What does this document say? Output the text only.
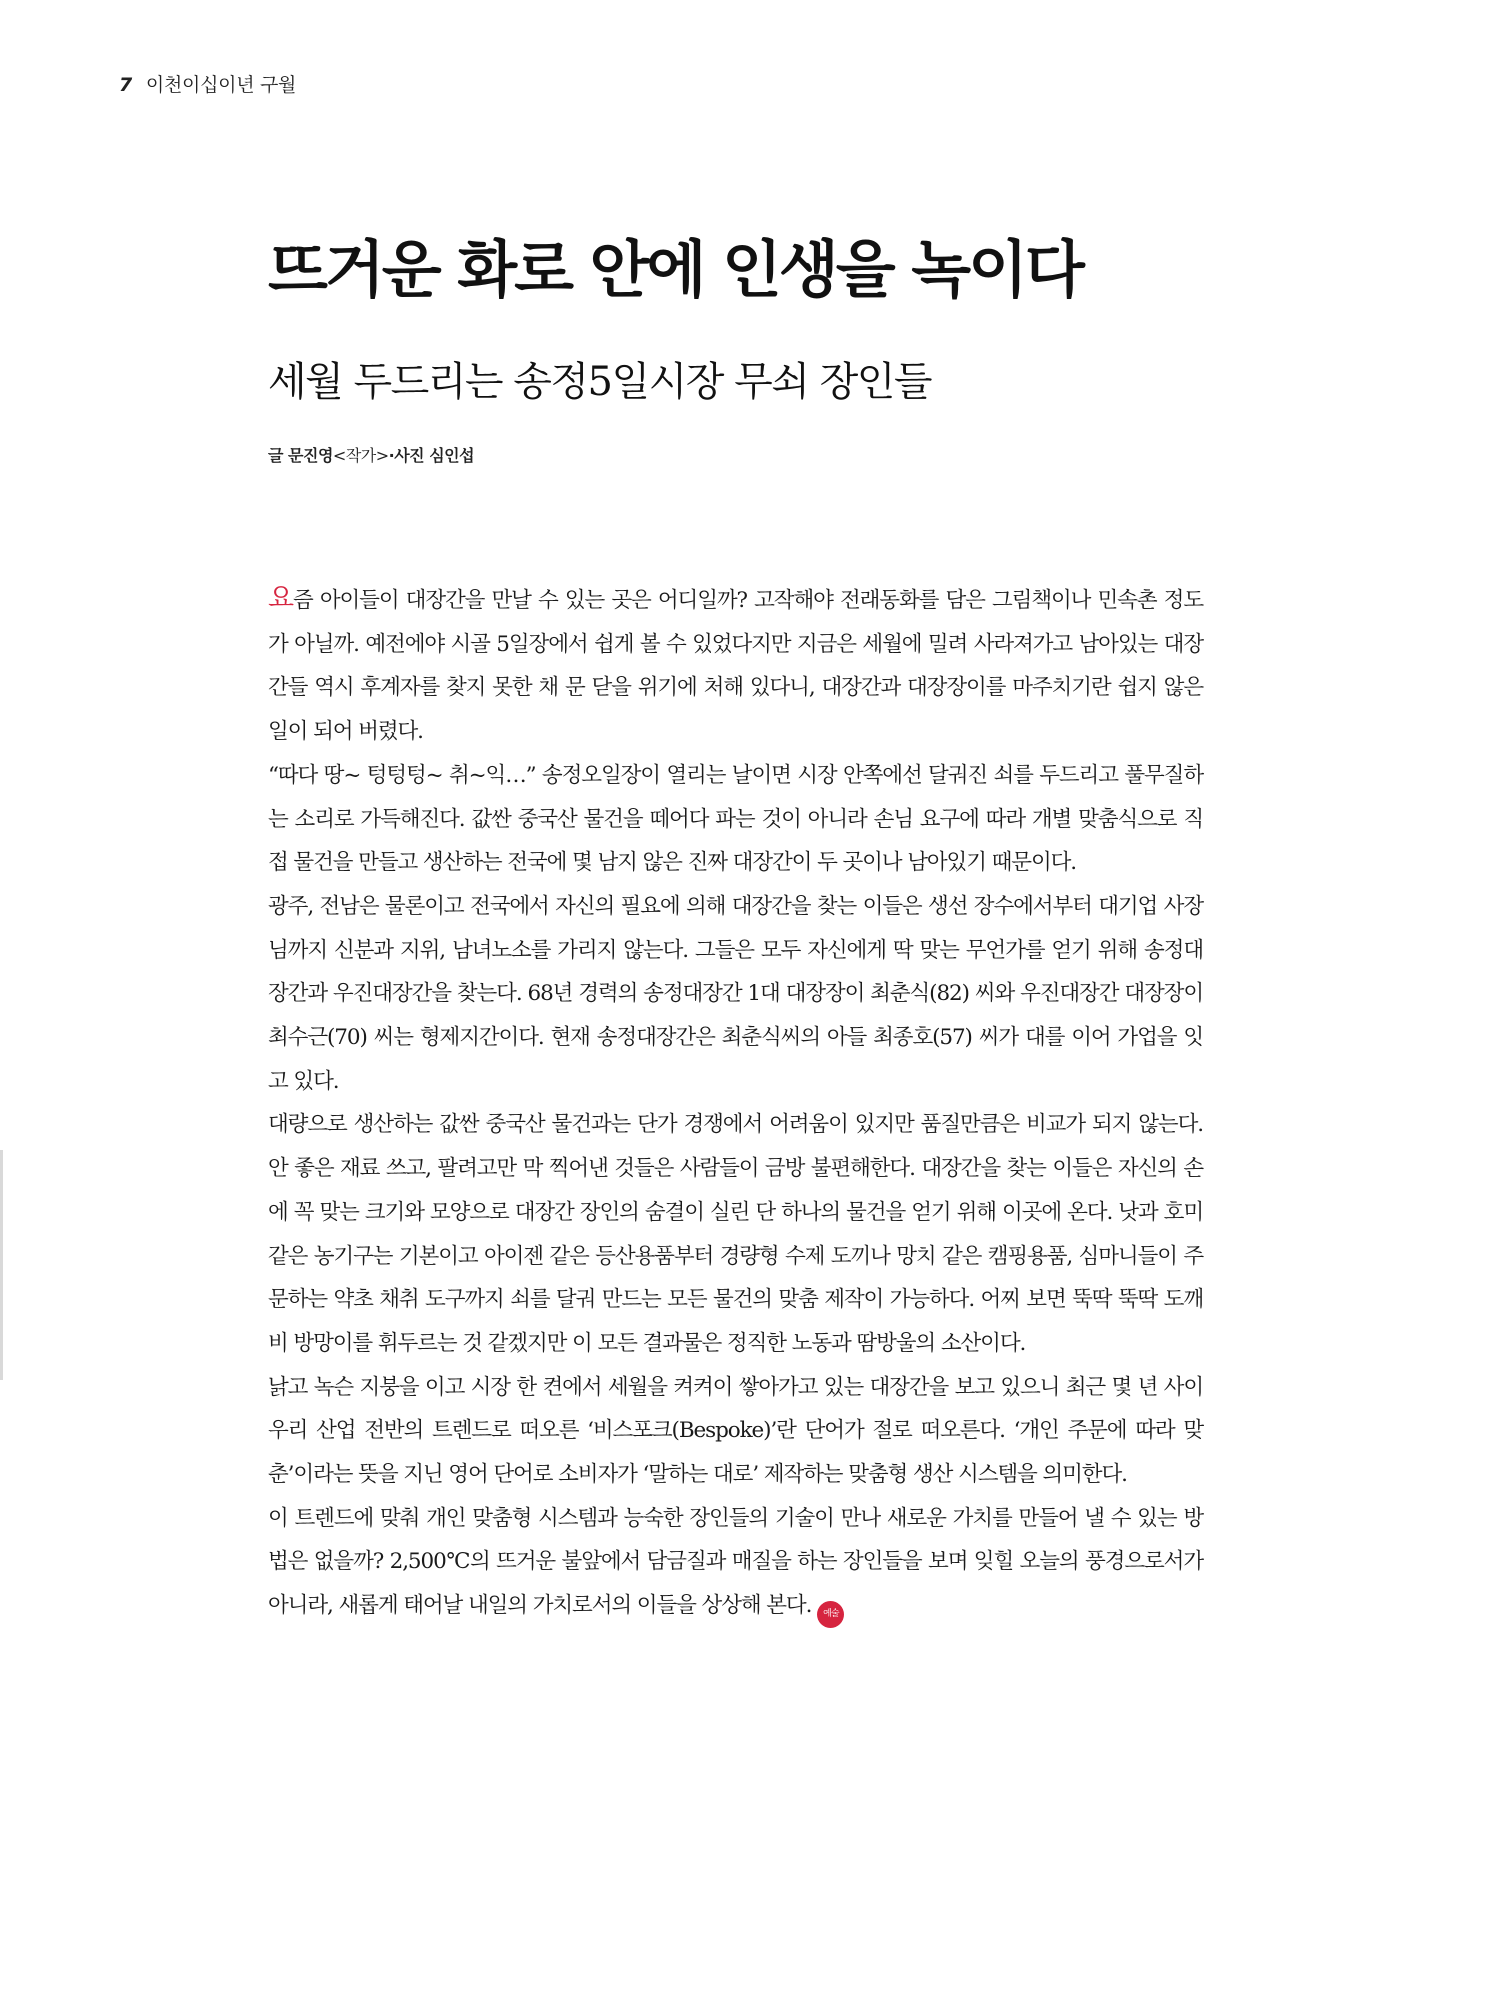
7 이천이십이년 구월
뜨거운 화로 안에 인생을 녹이다
세월 두드리는 송정5일시장 무쇠 장인들
글 문진영<작가>·사진 심인섭

요즘 아이들이 대장간을 만날 수 있는 곳은 어디일까? 고작해야 전래동화를 담은 그림책이나 민속촌 정도가 아닐까. 예전에야 시골 5일장에서 쉽게 볼 수 있었다지만 지금은 세월에 밀려 사라져가고 남아있는 대장간들 역시 후계자를 찾지 못한 채 문 닫을 위기에 처해 있다니, 대장간과 대장장이를 마주치기란 쉽지 않은 일이 되어 버렸다.

“따다 땅~ 텅텅텅~ 취~익…” 송정오일장이 열리는 날이면 시장 안쪽에선 달궈진 쇠를 두드리고 풀무질하는 소리로 가득해진다. 값싼 중국산 물건을 떼어다 파는 것이 아니라 손님 요구에 따라 개별 맞춤식으로 직접 물건을 만들고 생산하는 전국에 몇 남지 않은 진짜 대장간이 두 곳이나 남아있기 때문이다.

광주, 전남은 물론이고 전국에서 자신의 필요에 의해 대장간을 찾는 이들은 생선 장수에서부터 대기업 사장님까지 신분과 지위, 남녀노소를 가리지 않는다. 그들은 모두 자신에게 딱 맞는 무언가를 얻기 위해 송정대장간과 우진대장간을 찾는다. 68년 경력의 송정대장간 1대 대장장이 최춘식(82) 씨와 우진대장간 대장장이 최수근(70) 씨는 형제지간이다. 현재 송정대장간은 최춘식씨의 아들 최종호(57) 씨가 대를 이어 가업을 잇고 있다.

대량으로 생산하는 값싼 중국산 물건과는 단가 경쟁에서 어려움이 있지만 품질만큼은 비교가 되지 않는다. 안 좋은 재료 쓰고, 팔려고만 막 찍어낸 것들은 사람들이 금방 불편해한다. 대장간을 찾는 이들은 자신의 손에 꼭 맞는 크기와 모양으로 대장간 장인의 숨결이 실린 단 하나의 물건을 얻기 위해 이곳에 온다. 낫과 호미 같은 농기구는 기본이고 아이젠 같은 등산용품부터 경량형 수제 도끼나 망치 같은 캠핑용품, 심마니들이 주문하는 약초 채취 도구까지 쇠를 달궈 만드는 모든 물건의 맞춤 제작이 가능하다. 어찌 보면 뚝딱 뚝딱 도깨비 방망이를 휘두르는 것 같겠지만 이 모든 결과물은 정직한 노동과 땀방울의 소산이다.

낡고 녹슨 지붕을 이고 시장 한 켠에서 세월을 켜켜이 쌓아가고 있는 대장간을 보고 있으니 최근 몇 년 사이 우리 산업 전반의 트렌드로 떠오른 ‘비스포크(Bespoke)’란 단어가 절로 떠오른다. ‘개인 주문에 따라 맞춘’이라는 뜻을 지닌 영어 단어로 소비자가 ‘말하는 대로’ 제작하는 맞춤형 생산 시스템을 의미한다.

이 트렌드에 맞춰 개인 맞춤형 시스템과 능숙한 장인들의 기술이 만나 새로운 가치를 만들어 낼 수 있는 방법은 없을까? 2,500℃의 뜨거운 불앞에서 담금질과 매질을 하는 장인들을 보며 잊힐 오늘의 풍경으로서가 아니라, 새롭게 태어날 내일의 가치로서의 이들을 상상해 본다. 예술
